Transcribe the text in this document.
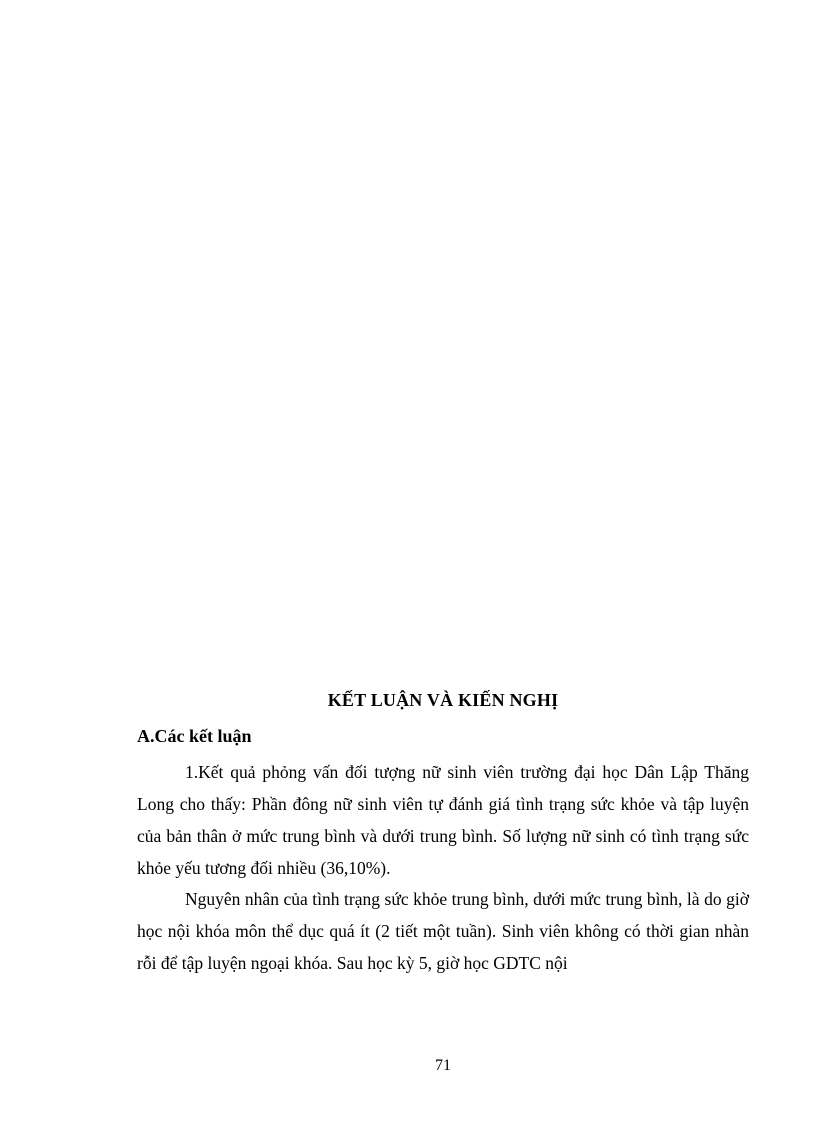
KẾT LUẬN VÀ KIẾN NGHỊ
A.Các kết luận

1.Kết quả phỏng vấn đối tượng nữ sinh viên trường đại học Dân Lập Thăng Long cho thấy: Phần đông nữ sinh viên tự đánh giá tình trạng sức khỏe và tập luyện của bản thân ở mức trung bình và dưới trung bình. Số lượng nữ sinh có tình trạng sức khỏe yếu tương đối nhiều (36,10%).

Nguyên nhân của tình trạng sức khỏe trung bình, dưới mức trung bình, là do giờ học nội khóa môn thể dục quá ít (2 tiết một tuần). Sinh viên không có thời gian nhàn rỗi để tập luyện ngoại khóa. Sau học kỳ 5, giờ học GDTC nội

71
